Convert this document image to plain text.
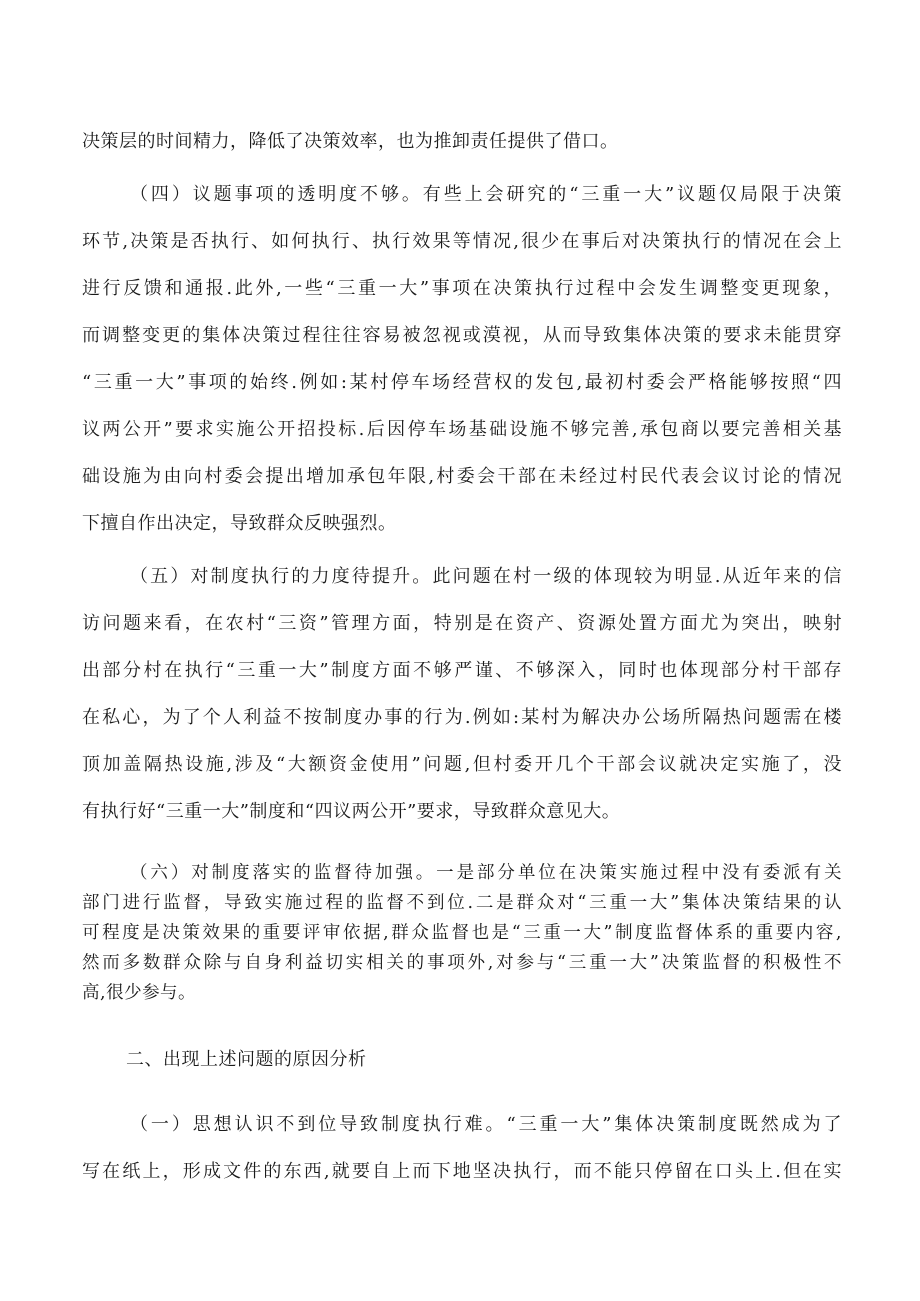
决策层的时间精力，降低了决策效率，也为推卸责任提供了借口。
（四）议题事项的透明度不够。有些上会研究的“三重一大”议题仅局限于决策
环节,决策是否执行、如何执行、执行效果等情况,很少在事后对决策执行的情况在会上
进行反馈和通报.此外,一些“三重一大”事项在决策执行过程中会发生调整变更现象，
而调整变更的集体决策过程往往容易被忽视或漠视，从而导致集体决策的要求未能贯穿
“三重一大”事项的始终.例如:某村停车场经营权的发包,最初村委会严格能够按照“四
议两公开”要求实施公开招投标.后因停车场基础设施不够完善,承包商以要完善相关基
础设施为由向村委会提出增加承包年限,村委会干部在未经过村民代表会议讨论的情况
下擅自作出决定，导致群众反映强烈。
（五）对制度执行的力度待提升。此问题在村一级的体现较为明显.从近年来的信
访问题来看，在农村“三资”管理方面，特别是在资产、资源处置方面尤为突出，映射
出部分村在执行“三重一大”制度方面不够严谨、不够深入，同时也体现部分村干部存
在私心，为了个人利益不按制度办事的行为.例如:某村为解决办公场所隔热问题需在楼
顶加盖隔热设施,涉及“大额资金使用”问题,但村委开几个干部会议就决定实施了，没
有执行好“三重一大”制度和“四议两公开”要求，导致群众意见大。
（六）对制度落实的监督待加强。一是部分单位在决策实施过程中没有委派有关
部门进行监督，导致实施过程的监督不到位.二是群众对“三重一大”集体决策结果的认
可程度是决策效果的重要评审依据,群众监督也是“三重一大”制度监督体系的重要内容,
然而多数群众除与自身利益切实相关的事项外,对参与“三重一大”决策监督的积极性不
高,很少参与。
二、出现上述问题的原因分析
（一）思想认识不到位导致制度执行难。“三重一大”集体决策制度既然成为了
写在纸上，形成文件的东西,就要自上而下地坚决执行，而不能只停留在口头上.但在实
